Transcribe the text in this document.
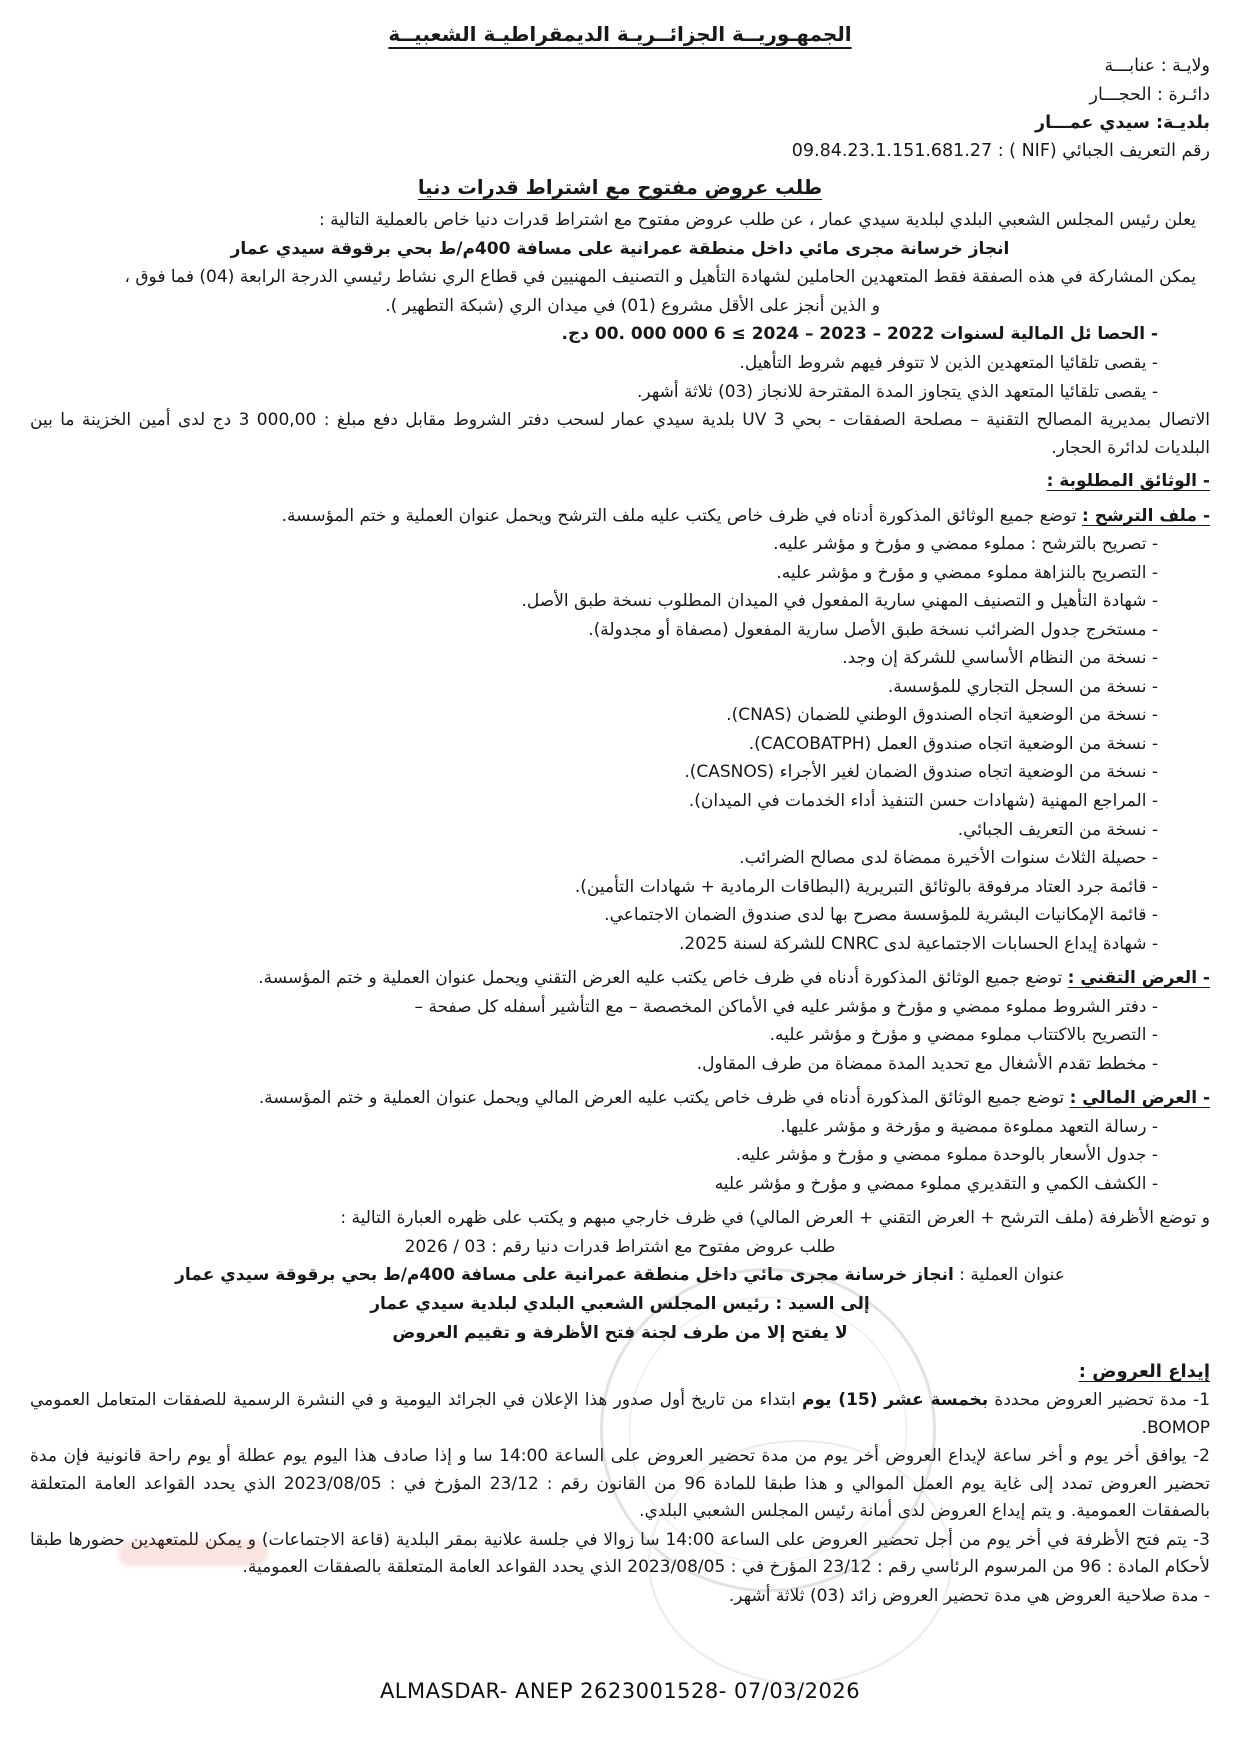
الجمهـوريــة الجزائــريـة الديمقراطيـة الشعبيــة

ولايـة : عنابـــة

دائـرة : الحجـــار

بلديـة: سيدي عمـــار

رقم التعريف الجبائي (NIF ) : 09.84.23.1.151.681.27

طلب عروض مفتوح مع اشتراط قدرات دنيا

يعلن رئيس المجلس الشعبي البلدي لبلدية سيدي عمار ، عن طلب عروض مفتوح مع اشتراط قدرات دنيا خاص بالعملية التالية :

انجاز خرسانة مجرى مائي داخل منطقة عمرانية على مسافة 400م/ط بحي برقوقة سيدي عمار

يمكن المشاركة في هذه الصفقة فقط المتعهدين الحاملين لشهادة التأهيل و التصنيف المهنيين في قطاع الري نشاط رئيسي الدرجة الرابعة (04) فما فوق ،

و الذين أنجز على الأقل مشروع (01) في ميدان الري (شبكة التطهير ).

- الحصا ئل المالية لسنوات 2022 – 2023 – 2024 ≥ 6 000 000 .00 دج.

- يقصى تلقائيا المتعهدين الذين لا تتوفر فيهم شروط التأهيل.

- يقصى تلقائيا المتعهد الذي يتجاوز المدة المقترحة للانجاز (03) ثلاثة أشهر.

الاتصال بمديرية المصالح التقنية – مصلحة الصفقات - بحي UV 3 بلدية سيدي عمار لسحب دفتر الشروط مقابل دفع مبلغ : 3 000,00 دج لدى أمين الخزينة ما بين البلديات لدائرة الحجار.

- الوثائق المطلوبة :

- ملف الترشح : توضع جميع الوثائق المذكورة أدناه في ظرف خاص يكتب عليه ملف الترشح ويحمل عنوان العملية و ختم المؤسسة.

- تصريح بالترشح : مملوء ممضي و مؤرخ و مؤشر عليه.

- التصريح بالنزاهة مملوء ممضي و مؤرخ و مؤشر عليه.

- شهادة التأهيل و التصنيف المهني سارية المفعول في الميدان المطلوب نسخة طبق الأصل.

- مستخرج جدول الضرائب نسخة طبق الأصل سارية المفعول (مصفاة أو مجدولة).

- نسخة من النظام الأساسي للشركة إن وجد.

- نسخة من السجل التجاري للمؤسسة.

- نسخة من الوضعية اتجاه الصندوق الوطني للضمان (CNAS).

- نسخة من الوضعية اتجاه صندوق العمل (CACOBATPH).

- نسخة من الوضعية اتجاه صندوق الضمان لغير الأجراء (CASNOS).

- المراجع المهنية (شهادات حسن التنفيذ أداء الخدمات في الميدان).

- نسخة من التعريف الجبائي.

- حصيلة الثلاث سنوات الأخيرة ممضاة لدى مصالح الضرائب.

- قائمة جرد العتاد مرفوقة بالوثائق التبريرية (البطاقات الرمادية + شهادات التأمين).

- قائمة الإمكانيات البشرية للمؤسسة مصرح بها لدى صندوق الضمان الاجتماعي.

- شهادة إيداع الحسابات الاجتماعية لدى CNRC للشركة لسنة 2025.

- العرض التقني : توضع جميع الوثائق المذكورة أدناه في ظرف خاص يكتب عليه العرض التقني ويحمل عنوان العملية و ختم المؤسسة.

- دفتر الشروط مملوء ممضي و مؤرخ و مؤشر عليه في الأماكن المخصصة – مع التأشير أسفله كل صفحة –

- التصريح بالاكتتاب مملوء ممضي و مؤرخ و مؤشر عليه.

- مخطط تقدم الأشغال مع تحديد المدة ممضاة من طرف المقاول.

- العرض المالي : توضع جميع الوثائق المذكورة أدناه في ظرف خاص يكتب عليه العرض المالي ويحمل عنوان العملية و ختم المؤسسة.

- رسالة التعهد مملوءة ممضية و مؤرخة و مؤشر عليها.

- جدول الأسعار بالوحدة مملوء ممضي و مؤرخ و مؤشر عليه.

- الكشف الكمي و التقديري مملوء ممضي و مؤرخ و مؤشر عليه

و توضع الأظرفة (ملف الترشح + العرض التقني + العرض المالي) في ظرف خارجي مبهم و يكتب على ظهره العبارة التالية :

طلب عروض مفتوح مع اشتراط قدرات دنيا رقم : 03 / 2026

عنوان العملية : انجاز خرسانة مجرى مائي داخل منطقة عمرانية على مسافة 400م/ط بحي برقوقة سيدي عمار

إلى السيد : رئيس المجلس الشعبي البلدي لبلدية سيدي عمار

لا يفتح إلا من طرف لجنة فتح الأظرفة و تقييم العروض

إيداع العروض :

1- مدة تحضير العروض محددة بخمسة عشر (15) يوم ابتداء من تاريخ أول صدور هذا الإعلان في الجرائد اليومية و في النشرة الرسمية للصفقات المتعامل العمومي BOMOP.

2- يوافق أخر يوم و أخر ساعة لإيداع العروض أخر يوم من مدة تحضير العروض على الساعة 14:00 سا و إذا صادف هذا اليوم يوم عطلة أو يوم راحة قانونية فإن مدة تحضير العروض تمدد إلى غاية يوم العمل الموالي و هذا طبقا للمادة 96 من القانون رقم : 23/12 المؤرخ في : 2023/08/05 الذي يحدد القواعد العامة المتعلقة بالصفقات العمومية. و يتم إيداع العروض لدى أمانة رئيس المجلس الشعبي البلدي.

3- يتم فتح الأظرفة في أخر يوم من أجل تحضير العروض على الساعة 14:00 سا زوالا في جلسة علانية بمقر البلدية (قاعة الاجتماعات) و يمكن للمتعهدين حضورها طبقا لأحكام المادة : 96 من المرسوم الرئاسي رقم : 23/12 المؤرخ في : 2023/08/05 الذي يحدد القواعد العامة المتعلقة بالصفقات العمومية.

- مدة صلاحية العروض هي مدة تحضير العروض زائد (03) ثلاثة أشهر.

ALMASDAR- ANEP 2623001528- 07/03/2026
